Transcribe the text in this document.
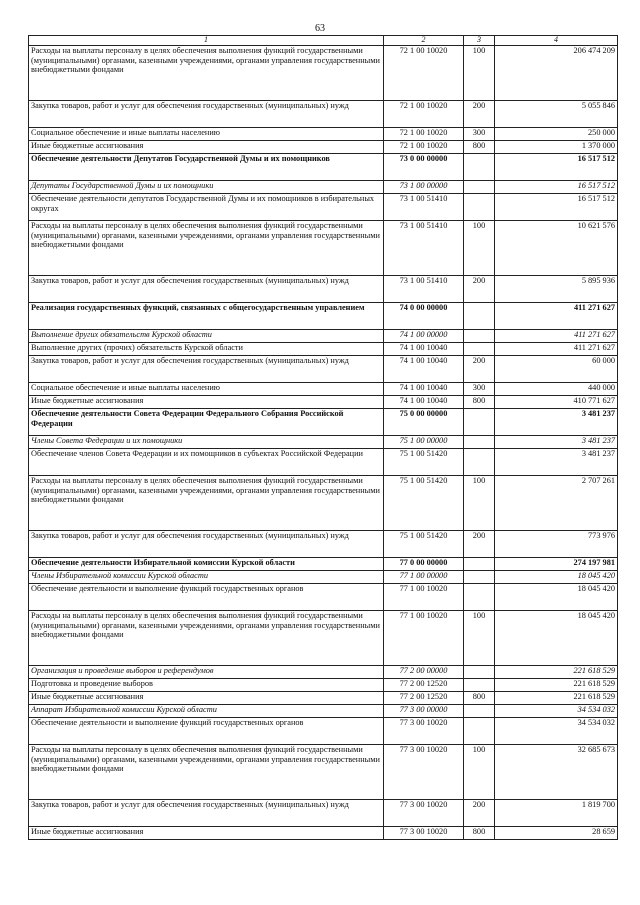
63
1	2	3	4
Расходы на выплаты персоналу в целях обеспечения выполнения функций государственными (муниципальными) органами, казенными учреждениями, органами управления государственными внебюджетными фондами	72 1 00 10020	100	206 474 209
Закупка товаров, работ и услуг для обеспечения государственных (муниципальных) нужд	72 1 00 10020	200	5 055 846
Социальное обеспечение и иные выплаты населению	72 1 00 10020	300	250 000
Иные бюджетные ассигнования	72 1 00 10020	800	1 370 000
Обеспечение деятельности Депутатов Государственной Думы и их помощников	73 0 00 00000		16 517 512
Депутаты Государственной Думы и их помощники	73 1 00 00000		16 517 512
Обеспечение деятельности депутатов Государственной Думы и их помощников в избирательных округах	73 1 00 51410		16 517 512
Расходы на выплаты персоналу в целях обеспечения выполнения функций государственными (муниципальными) органами, казенными учреждениями, органами управления государственными внебюджетными фондами	73 1 00 51410	100	10 621 576
Закупка товаров, работ и услуг для обеспечения государственных (муниципальных) нужд	73 1 00 51410	200	5 895 936
Реализация государственных функций, связанных с общегосударственным управлением	74 0 00 00000		411 271 627
Выполнение других обязательств Курской области	74 1 00 00000		411 271 627
Выполнение других (прочих) обязательств Курской области	74 1 00 10040		411 271 627
Закупка товаров, работ и услуг для обеспечения государственных (муниципальных) нужд	74 1 00 10040	200	60 000
Социальное обеспечение и иные выплаты населению	74 1 00 10040	300	440 000
Иные бюджетные ассигнования	74 1 00 10040	800	410 771 627
Обеспечение деятельности Совета Федерации Федерального Собрания Российской Федерации	75 0 00 00000		3 481 237
Члены Совета Федерации и их помощники	75 1 00 00000		3 481 237
Обеспечение членов Совета Федерации и их помощников в субъектах Российской Федерации	75 1 00 51420		3 481 237
Расходы на выплаты персоналу в целях обеспечения выполнения функций государственными (муниципальными) органами, казенными учреждениями, органами управления государственными внебюджетными фондами	75 1 00 51420	100	2 707 261
Закупка товаров, работ и услуг для обеспечения государственных (муниципальных) нужд	75 1 00 51420	200	773 976
Обеспечение деятельности Избирательной комиссии Курской области	77 0 00 00000		274 197 981
Члены Избирательной комиссии Курской области	77 1 00 00000		18 045 420
Обеспечение деятельности и выполнение функций государственных органов	77 1 00 10020		18 045 420
Расходы на выплаты персоналу в целях обеспечения выполнения функций государственными (муниципальными) органами, казенными учреждениями, органами управления государственными внебюджетными фондами	77 1 00 10020	100	18 045 420
Организация и проведение выборов и референдумов	77 2 00 00000		221 618 529
Подготовка и проведение выборов	77 2 00 12520		221 618 529
Иные бюджетные ассигнования	77 2 00 12520	800	221 618 529
Аппарат Избирательной комиссии Курской области	77 3 00 00000		34 534 032
Обеспечение деятельности и выполнение функций государственных органов	77 3 00 10020		34 534 032
Расходы на выплаты персоналу в целях обеспечения выполнения функций государственными (муниципальными) органами, казенными учреждениями, органами управления государственными внебюджетными фондами	77 3 00 10020	100	32 685 673
Закупка товаров, работ и услуг для обеспечения государственных (муниципальных) нужд	77 3 00 10020	200	1 819 700
Иные бюджетные ассигнования	77 3 00 10020	800	28 659
